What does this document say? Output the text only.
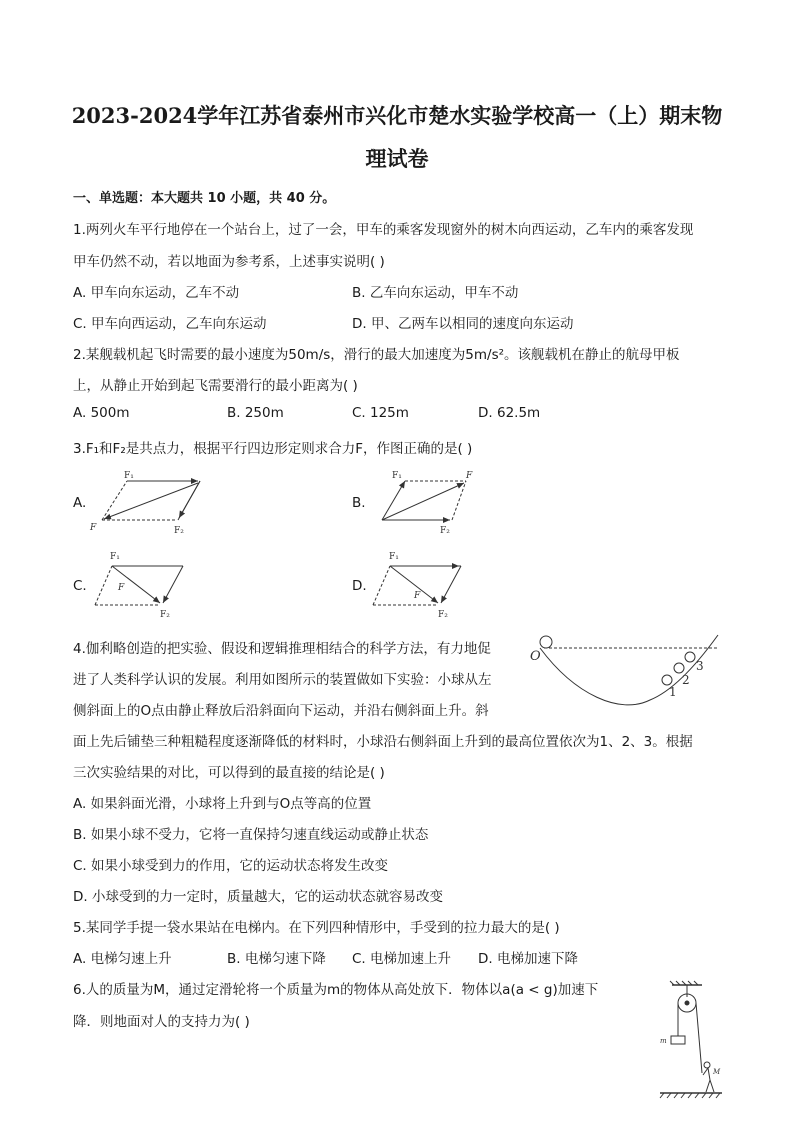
2023-2024学年江苏省泰州市兴化市楚水实验学校高一（上）期末物
理试卷
一、单选题：本大题共 10 小题，共 40 分。
1.两列火车平行地停在一个站台上，过了一会，甲车的乘客发现窗外的树木向西运动，乙车内的乘客发现
甲车仍然不动，若以地面为参考系，上述事实说明( )
A. 甲车向东运动，乙车不动	B. 乙车向东运动，甲车不动
C. 甲车向西运动，乙车向东运动	D. 甲、乙两车以相同的速度向东运动
2.某舰载机起飞时需要的最小速度为50m/s，滑行的最大加速度为5m/s²。该舰载机在静止的航母甲板
上，从静止开始到起飞需要滑行的最小距离为( )
A. 500m	B. 250m	C. 125m	D. 62.5m
3.F₁和F₂是共点力，根据平行四边形定则求合力F，作图正确的是( )
A.	B.
C.	D.
F₁
F₂
F
F₁
F₂
F
F₁
F₂
F
F₁
F₂
F
O
1
2
3
m
M
4.伽利略创造的把实验、假设和逻辑推理相结合的科学方法，有力地促
进了人类科学认识的发展。利用如图所示的装置做如下实验：小球从左
侧斜面上的O点由静止释放后沿斜面向下运动，并沿右侧斜面上升。斜
面上先后铺垫三种粗糙程度逐渐降低的材料时，小球沿右侧斜面上升到的最高位置依次为1、2、3。根据
三次实验结果的对比，可以得到的最直接的结论是( )
A. 如果斜面光滑，小球将上升到与O点等高的位置
B. 如果小球不受力，它将一直保持匀速直线运动或静止状态
C. 如果小球受到力的作用，它的运动状态将发生改变
D. 小球受到的力一定时，质量越大，它的运动状态就容易改变
5.某同学手提一袋水果站在电梯内。在下列四种情形中，手受到的拉力最大的是( )
A. 电梯匀速上升	B. 电梯匀速下降 C. 电梯加速上升 D. 电梯加速下降
6.人的质量为M，通过定滑轮将一个质量为m的物体从高处放下．物体以a(a < g)加速下
降．则地面对人的支持力为( )
